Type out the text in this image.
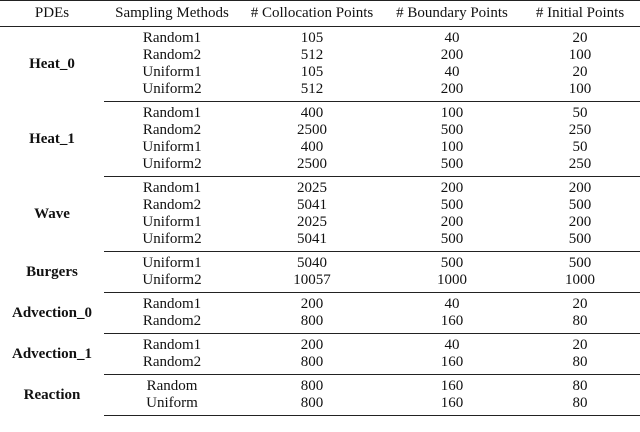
PDEs	Sampling Methods	# Collocation Points	# Boundary Points	# Initial Points
Heat_0	Random1	105	40	20
	Random2	512	200	100
	Uniform1	105	40	20
	Uniform2	512	200	100
Heat_1	Random1	400	100	50
	Random2	2500	500	250
	Uniform1	400	100	50
	Uniform2	2500	500	250
Wave	Random1	2025	200	200
	Random2	5041	500	500
	Uniform1	2025	200	200
	Uniform2	5041	500	500
Burgers	Uniform1	5040	500	500
	Uniform2	10057	1000	1000
Advection_0	Random1	200	40	20
	Random2	800	160	80
Advection_1	Random1	200	40	20
	Random2	800	160	80
Reaction	Random	800	160	80
	Uniform	800	160	80
